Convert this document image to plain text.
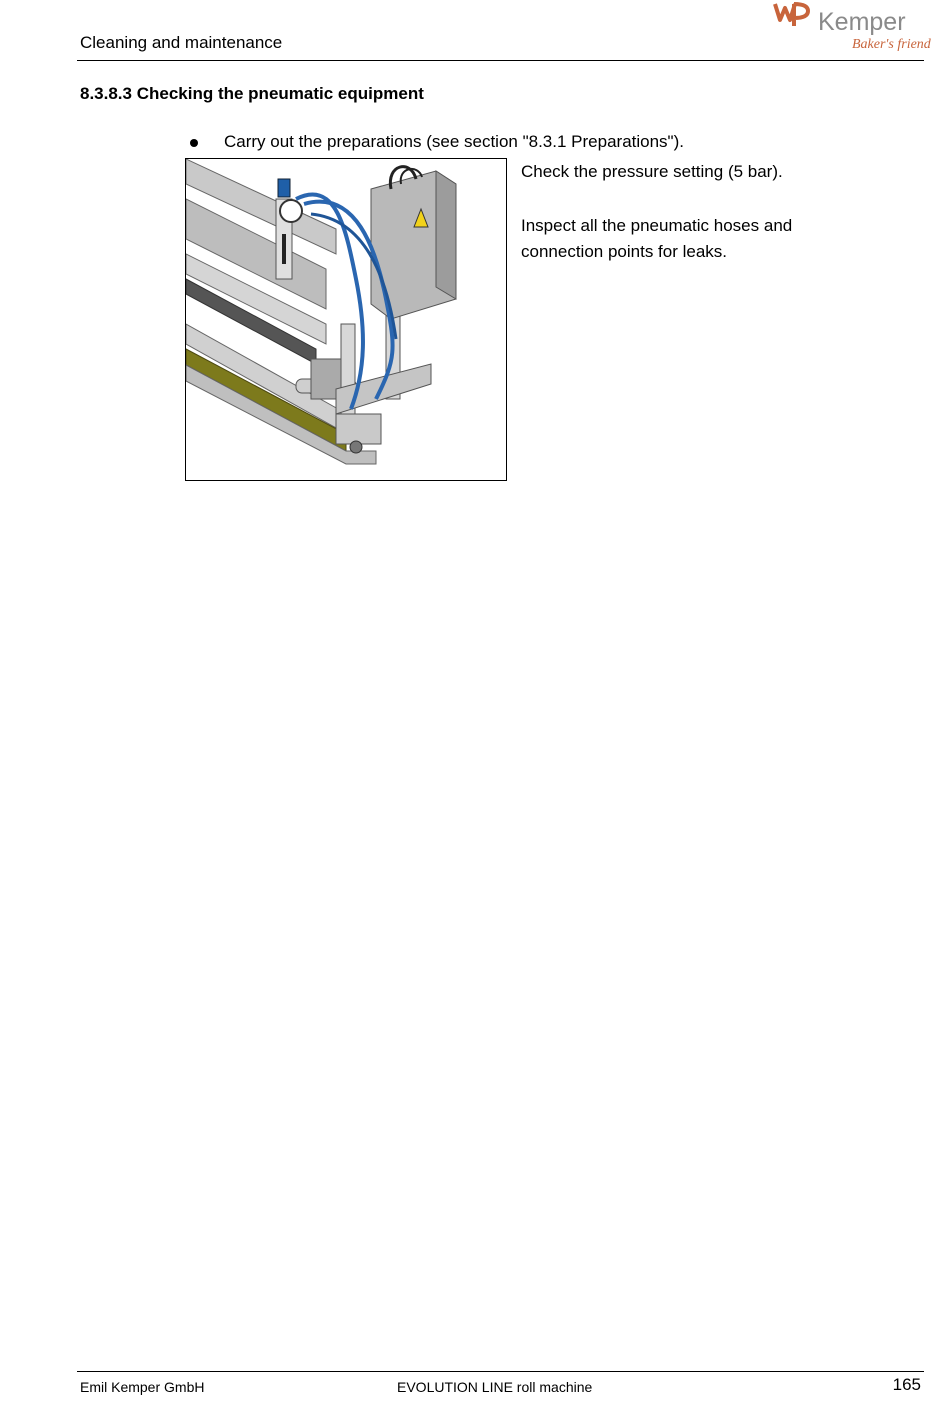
Cleaning and maintenance
Kemper
Baker's friend
8.3.8.3 Checking the pneumatic equipment
Carry out the preparations (see section "8.3.1 Preparations").
Check the pressure setting (5 bar).
Inspect all the pneumatic hoses and connection points for leaks.
Emil Kemper GmbH	EVOLUTION LINE roll machine	165
